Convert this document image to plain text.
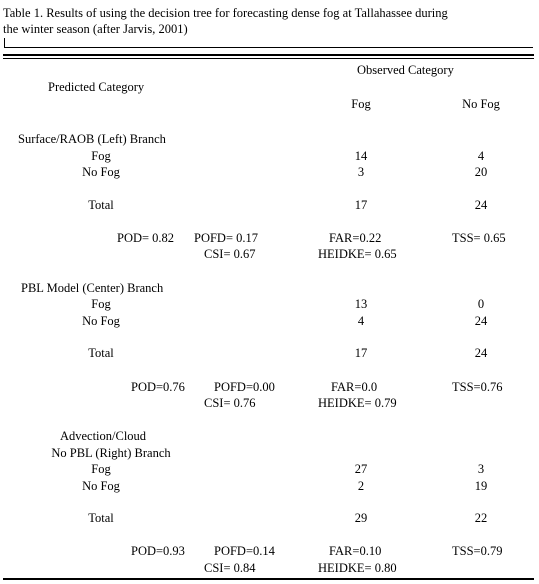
Table 1. Results of using the decision tree for forecasting dense fog at Tallahassee during
the winter season (after Jarvis, 2001)
Predicted Category
Observed Category
Fog	No Fog
Surface/RAOB (Left) Branch
Fog	14	4
No Fog	3	20
Total	17	24
POD= 0.82 POFD= 0.17	FAR=0.22	TSS= 0.65
CSI= 0.67	HEIDKE= 0.65
PBL Model (Center) Branch
Fog	13	0
No Fog	4	24
Total	17	24
POD=0.76 POFD=0.00	FAR=0.0	TSS=0.76
CSI= 0.76	HEIDKE= 0.79
Advection/Cloud
No PBL (Right) Branch
Fog	27	3
No Fog	2	19
Total	29	22
POD=0.93 POFD=0.14	FAR=0.10	TSS=0.79
CSI= 0.84	HEIDKE= 0.80
